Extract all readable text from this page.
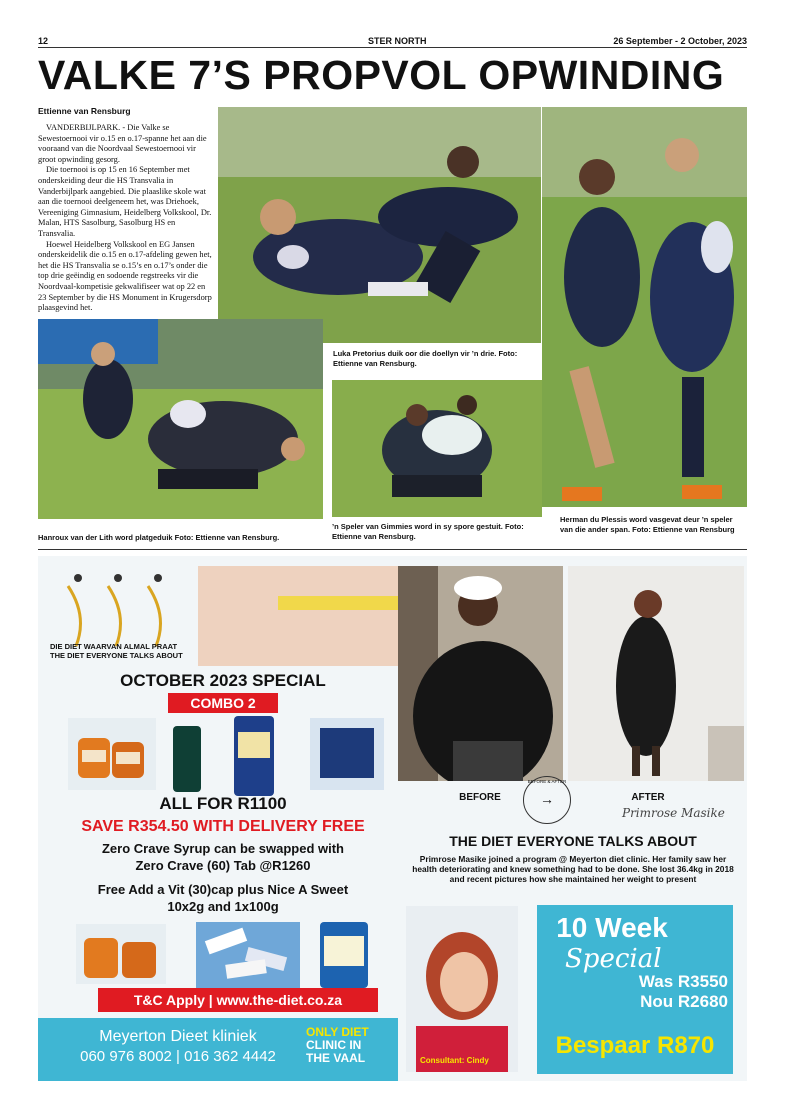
12	STER NORTH	26 September - 2 October, 2023
VALKE 7’S PROPVOL OPWINDING
Ettienne van Rensburg

VANDERBIJLPARK. - Die Valke se Sewestoernooi vir o.15 en o.17-spanne het aan die vooraand van die Noordvaal Sewestoernooi vir groot opwinding gesorg.

Die toernooi is op 15 en 16 September met onderskeiding deur die HS Transvalia in Vanderbijlpark aangebied. Die plaaslike skole wat aan die toernooi deelgeneem het, was Driehoek, Vereeniging Gimnasium, Heidelberg Volkskool, Dr. Malan, HTS Sasolburg, Sasolburg HS en Transvalia.

Hoewel Heidelberg Volkskool en EG Jansen onderskeidelik die o.15 en o.17-afdeling gewen het, het die HS Transvalia se o.15’s en o.17’s onder die top drie geëindig en sodoende regstreeks vir die Noordvaal-kompetisie gekwalifiseer wat op 22 en 23 September by die HS Monument in Krugersdorp plaasgevind het.

Luka Pretorius duik oor die doellyn vir ’n drie. Foto: Ettienne van Rensburg.
Herman du Plessis word vasgevat deur ’n speler van die ander span. Foto: Ettienne van Rensburg
Hanroux van der Lith word platgeduik Foto: Ettienne van Rensburg.
’n Speler van Gimmies word in sy spore gestuit. Foto: Ettienne van Rensburg.
DIE DIET WAARVAN ALMAL PRAAT
THE DIET EVERYONE TALKS ABOUT
OCTOBER 2023 SPECIAL
COMBO 2
ALL FOR R1100
SAVE R354.50 WITH DELIVERY FREE
Zero Crave Syrup can be swapped with
Zero Crave (60) Tab @R1260
Free Add a Vit (30)cap plus Nice A Sweet
10x2g and 1x100g
T&C Apply | www.the-diet.co.za
Meyerton Dieet kliniek
060 976 8002 | 016 362 4442
ONLY DIET
CLINIC IN
THE VAAL
BEFORE	→
BEFORE & AFTER
AFTER
Primrose Masike
THE DIET EVERYONE TALKS ABOUT
Primrose Masike joined a program @ Meyerton diet clinic. Her family saw her health deteriorating and knew something had to be done. She lost 36.4kg in 2018 and recent pictures how she maintained her weight to present
Consultant: Cindy
10 Week
Special
Was R3550
Nou R2680
Bespaar R870
